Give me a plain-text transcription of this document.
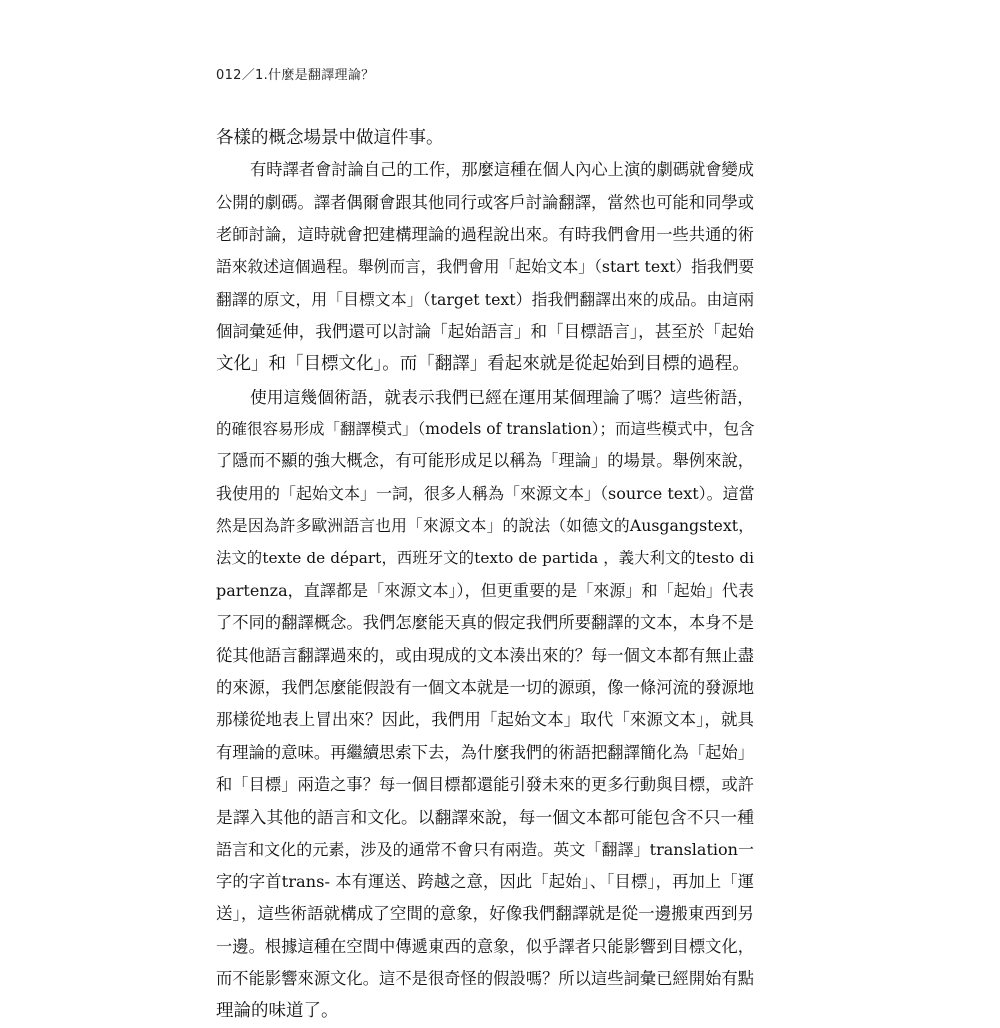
012／1.什麼是翻譯理論？
各樣的概念場景中做這件事。
有時譯者會討論自己的工作，那麼這種在個人內心上演的劇碼就會變成
公開的劇碼。譯者偶爾會跟其他同行或客戶討論翻譯，當然也可能和同學或
老師討論，這時就會把建構理論的過程說出來。有時我們會用一些共通的術
語來敘述這個過程。舉例而言，我們會用「起始文本」（start text）指我們要
翻譯的原文，用「目標文本」（target text）指我們翻譯出來的成品。由這兩
個詞彙延伸，我們還可以討論「起始語言」和「目標語言」，甚至於「起始
文化」和「目標文化」。而「翻譯」看起來就是從起始到目標的過程。
使用這幾個術語，就表示我們已經在運用某個理論了嗎？這些術語，
的確很容易形成「翻譯模式」（models of translation）；而這些模式中，包含
了隱而不顯的強大概念，有可能形成足以稱為「理論」的場景。舉例來說，
我使用的「起始文本」一詞，很多人稱為「來源文本」（source text）。這當
然是因為許多歐洲語言也用「來源文本」的說法（如德文的Ausgangstext，
法文的texte de départ，西班牙文的texto de partida ，義大利文的testo di
partenza，直譯都是「來源文本」），但更重要的是「來源」和「起始」代表
了不同的翻譯概念。我們怎麼能天真的假定我們所要翻譯的文本，本身不是
從其他語言翻譯過來的，或由現成的文本湊出來的？每一個文本都有無止盡
的來源，我們怎麼能假設有一個文本就是一切的源頭，像一條河流的發源地
那樣從地表上冒出來？因此，我們用「起始文本」取代「來源文本」，就具
有理論的意味。再繼續思索下去，為什麼我們的術語把翻譯簡化為「起始」
和「目標」兩造之事？每一個目標都還能引發未來的更多行動與目標，或許
是譯入其他的語言和文化。以翻譯來說，每一個文本都可能包含不只一種
語言和文化的元素，涉及的通常不會只有兩造。英文「翻譯」translation一
字的字首trans- 本有運送、跨越之意，因此「起始」、「目標」，再加上「運
送」，這些術語就構成了空間的意象，好像我們翻譯就是從一邊搬東西到另
一邊。根據這種在空間中傳遞東西的意象，似乎譯者只能影響到目標文化，
而不能影響來源文化。這不是很奇怪的假設嗎？所以這些詞彙已經開始有點
理論的味道了。
